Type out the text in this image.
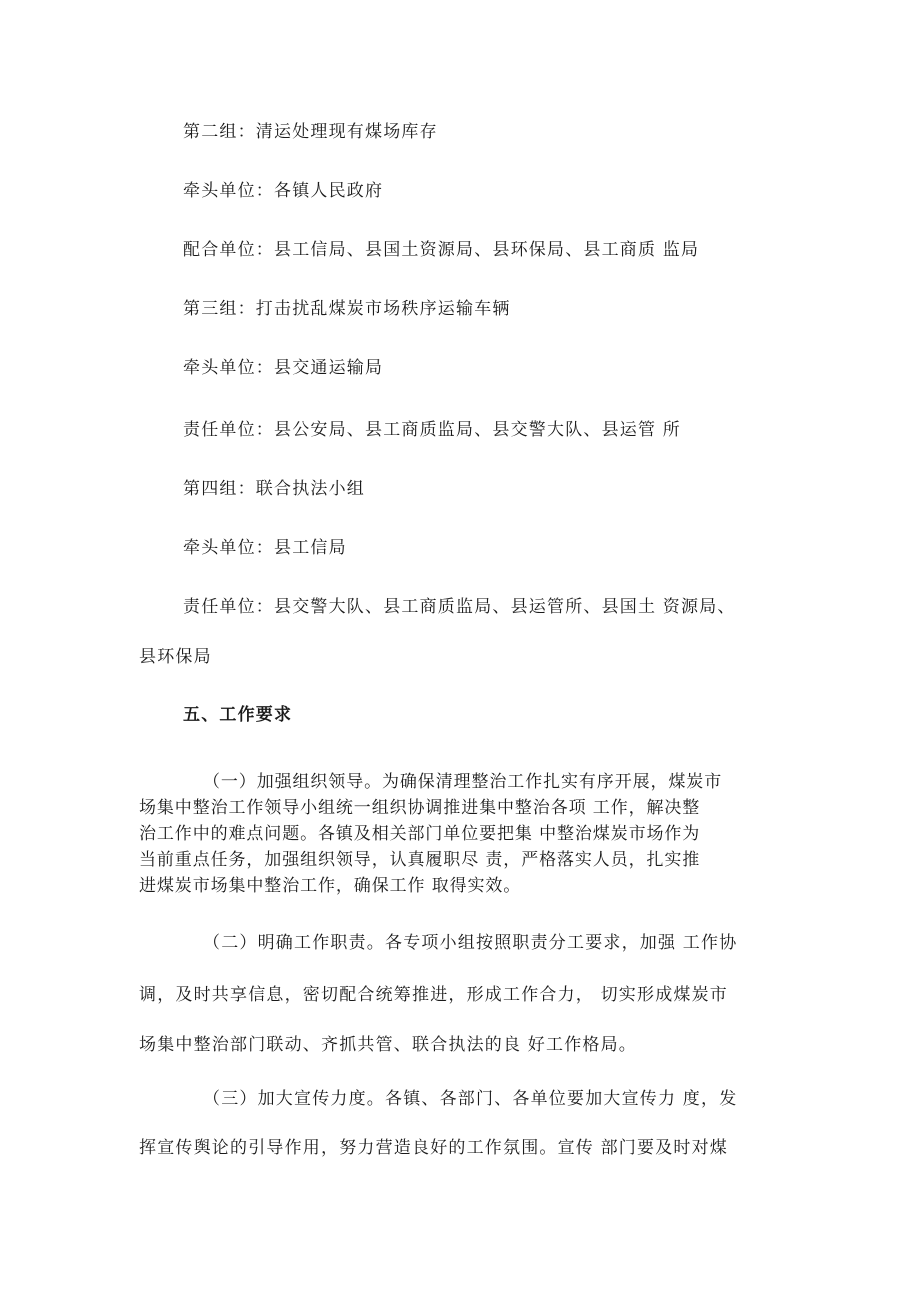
第二组：清运处理现有煤场库存
牵头单位：各镇人民政府
配合单位：县工信局、县国土资源局、县环保局、县工商质 监局
第三组：打击扰乱煤炭市场秩序运输车辆
牵头单位：县交通运输局
责任单位：县公安局、县工商质监局、县交警大队、县运管 所
第四组：联合执法小组
牵头单位：县工信局
责任单位：县交警大队、县工商质监局、县运管所、县国土 资源局、
县环保局
五、工作要求
（一）加强组织领导。为确保清理整治工作扎实有序开展，煤炭市
场集中整治工作领导小组统一组织协调推进集中整治各项 工作，解决整
治工作中的难点问题。各镇及相关部门单位要把集 中整治煤炭市场作为
当前重点任务，加强组织领导，认真履职尽 责，严格落实人员，扎实推
进煤炭市场集中整治工作，确保工作 取得实效。
（二）明确工作职责。各专项小组按照职责分工要求，加强 工作协
调，及时共享信息，密切配合统筹推进，形成工作合力， 切实形成煤炭市
场集中整治部门联动、齐抓共管、联合执法的良 好工作格局。
（三）加大宣传力度。各镇、各部门、各单位要加大宣传力 度，发
挥宣传舆论的引导作用，努力营造良好的工作氛围。宣传 部门要及时对煤
